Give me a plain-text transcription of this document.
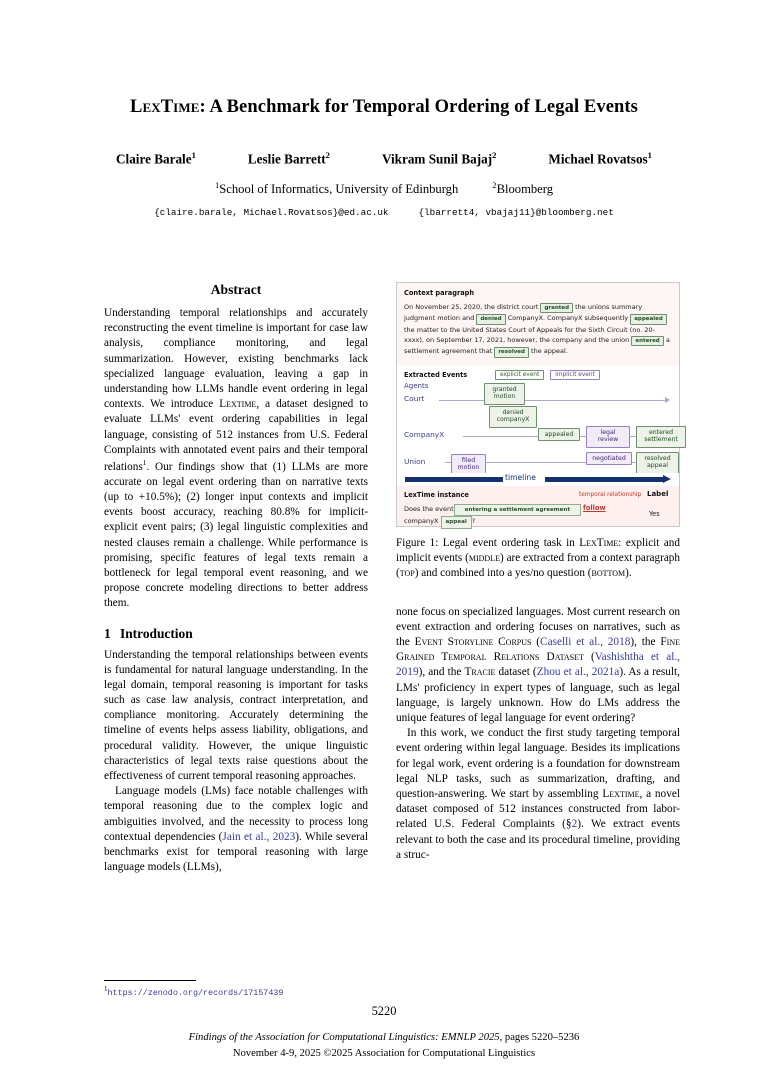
LexTime: A Benchmark for Temporal Ordering of Legal Events
Claire Barale$^1$	Leslie Barrett$^2$	Vikram Sunil Bajaj$^2$	Michael Rovatsos$^1$
$^1$School of Informatics, University of Edinburgh	$^2$Bloomberg
{claire.barale, Michael.Rovatsos}@ed.ac.uk	{lbarrett4, vbajaj11}@bloomberg.net
Abstract

Understanding temporal relationships and accurately reconstructing the event timeline is important for case law analysis, compliance monitoring, and legal summarization. However, existing benchmarks lack specialized language evaluation, leaving a gap in understanding how LLMs handle event ordering in legal contexts. We introduce Lextime, a dataset designed to evaluate LLMs' event ordering capabilities in legal language, consisting of 512 instances from U.S. Federal Complaints with annotated event pairs and their temporal relations$^1$. Our findings show that (1) LLMs are more accurate on legal event ordering than on narrative texts (up to +10.5%); (2) longer input contexts and implicit events boost accuracy, reaching 80.8% for implicit-explicit event pairs; (3) legal linguistic complexities and nested clauses remain a challenge. While performance is promising, specific features of legal texts remain a bottleneck for legal temporal event reasoning, and we propose concrete modeling directions to better address them.

1 Introduction

Understanding the temporal relationships between events is fundamental for natural language understanding. In the legal domain, temporal reasoning is important for tasks such as case law analysis, contract interpretation, and compliance monitoring. Accurately determining the timeline of events helps assess liability, obligations, and procedural validity. However, the unique linguistic characteristics of legal texts raise questions about the effectiveness of current temporal reasoning approaches.

Language models (LMs) face notable challenges with temporal reasoning due to the complex logic and ambiguities involved, and the necessity to process long contextual dependencies (Jain et al., 2023). While several benchmarks exist for temporal reasoning with large language models (LLMs),

$^1$https://zenodo.org/records/17157439
Context paragraph
On November 25, 2020, the district court granted the unions summary judgment motion and denied CompanyX. CompanyX subsequently appealed the matter to the United States Court of Appeals for the Sixth Circuit (no. 20-xxxx), on September 17, 2021, however, the company and the union entered a settlement agreement that resolved the appeal.
Extracted Events	explicit event	implicit event
Agents
Court
CompanyX
Union
granted motion
denied companyX
appealed	legal review
entered settlement
filed motion
negotiated	resolved appeal
timeline
LexTime instance	temporal relationship Label
Does the event entering a settlement agreement
companyX appeal ?
follow
Yes
Figure 1: Legal event ordering task in LexTime: explicit and implicit events (middle) are extracted from a context paragraph (top) and combined into a yes/no question (bottom).

none focus on specialized languages. Most current research on event extraction and ordering focuses on narratives, such as the Event Storyline Corpus (Caselli et al., 2018), the Fine Grained Temporal Relations Dataset (Vashishtha et al., 2019), and the Tracie dataset (Zhou et al., 2021a). As a result, LMs' proficiency in expert types of language, such as legal language, is largely unknown. How do LMs address the unique features of legal language for event ordering?

In this work, we conduct the first study targeting temporal event ordering within legal language. Besides its implications for legal work, event ordering is a foundation for downstream legal NLP tasks, such as summarization, drafting, and question-answering. We start by assembling Lextime, a novel dataset composed of 512 instances constructed from labor-related U.S. Federal Complaints (§2). We extract events relevant to both the case and its procedural timeline, providing a struc-

5220
Findings of the Association for Computational Linguistics: EMNLP 2025, pages 5220–5236
November 4-9, 2025 ©2025 Association for Computational Linguistics
